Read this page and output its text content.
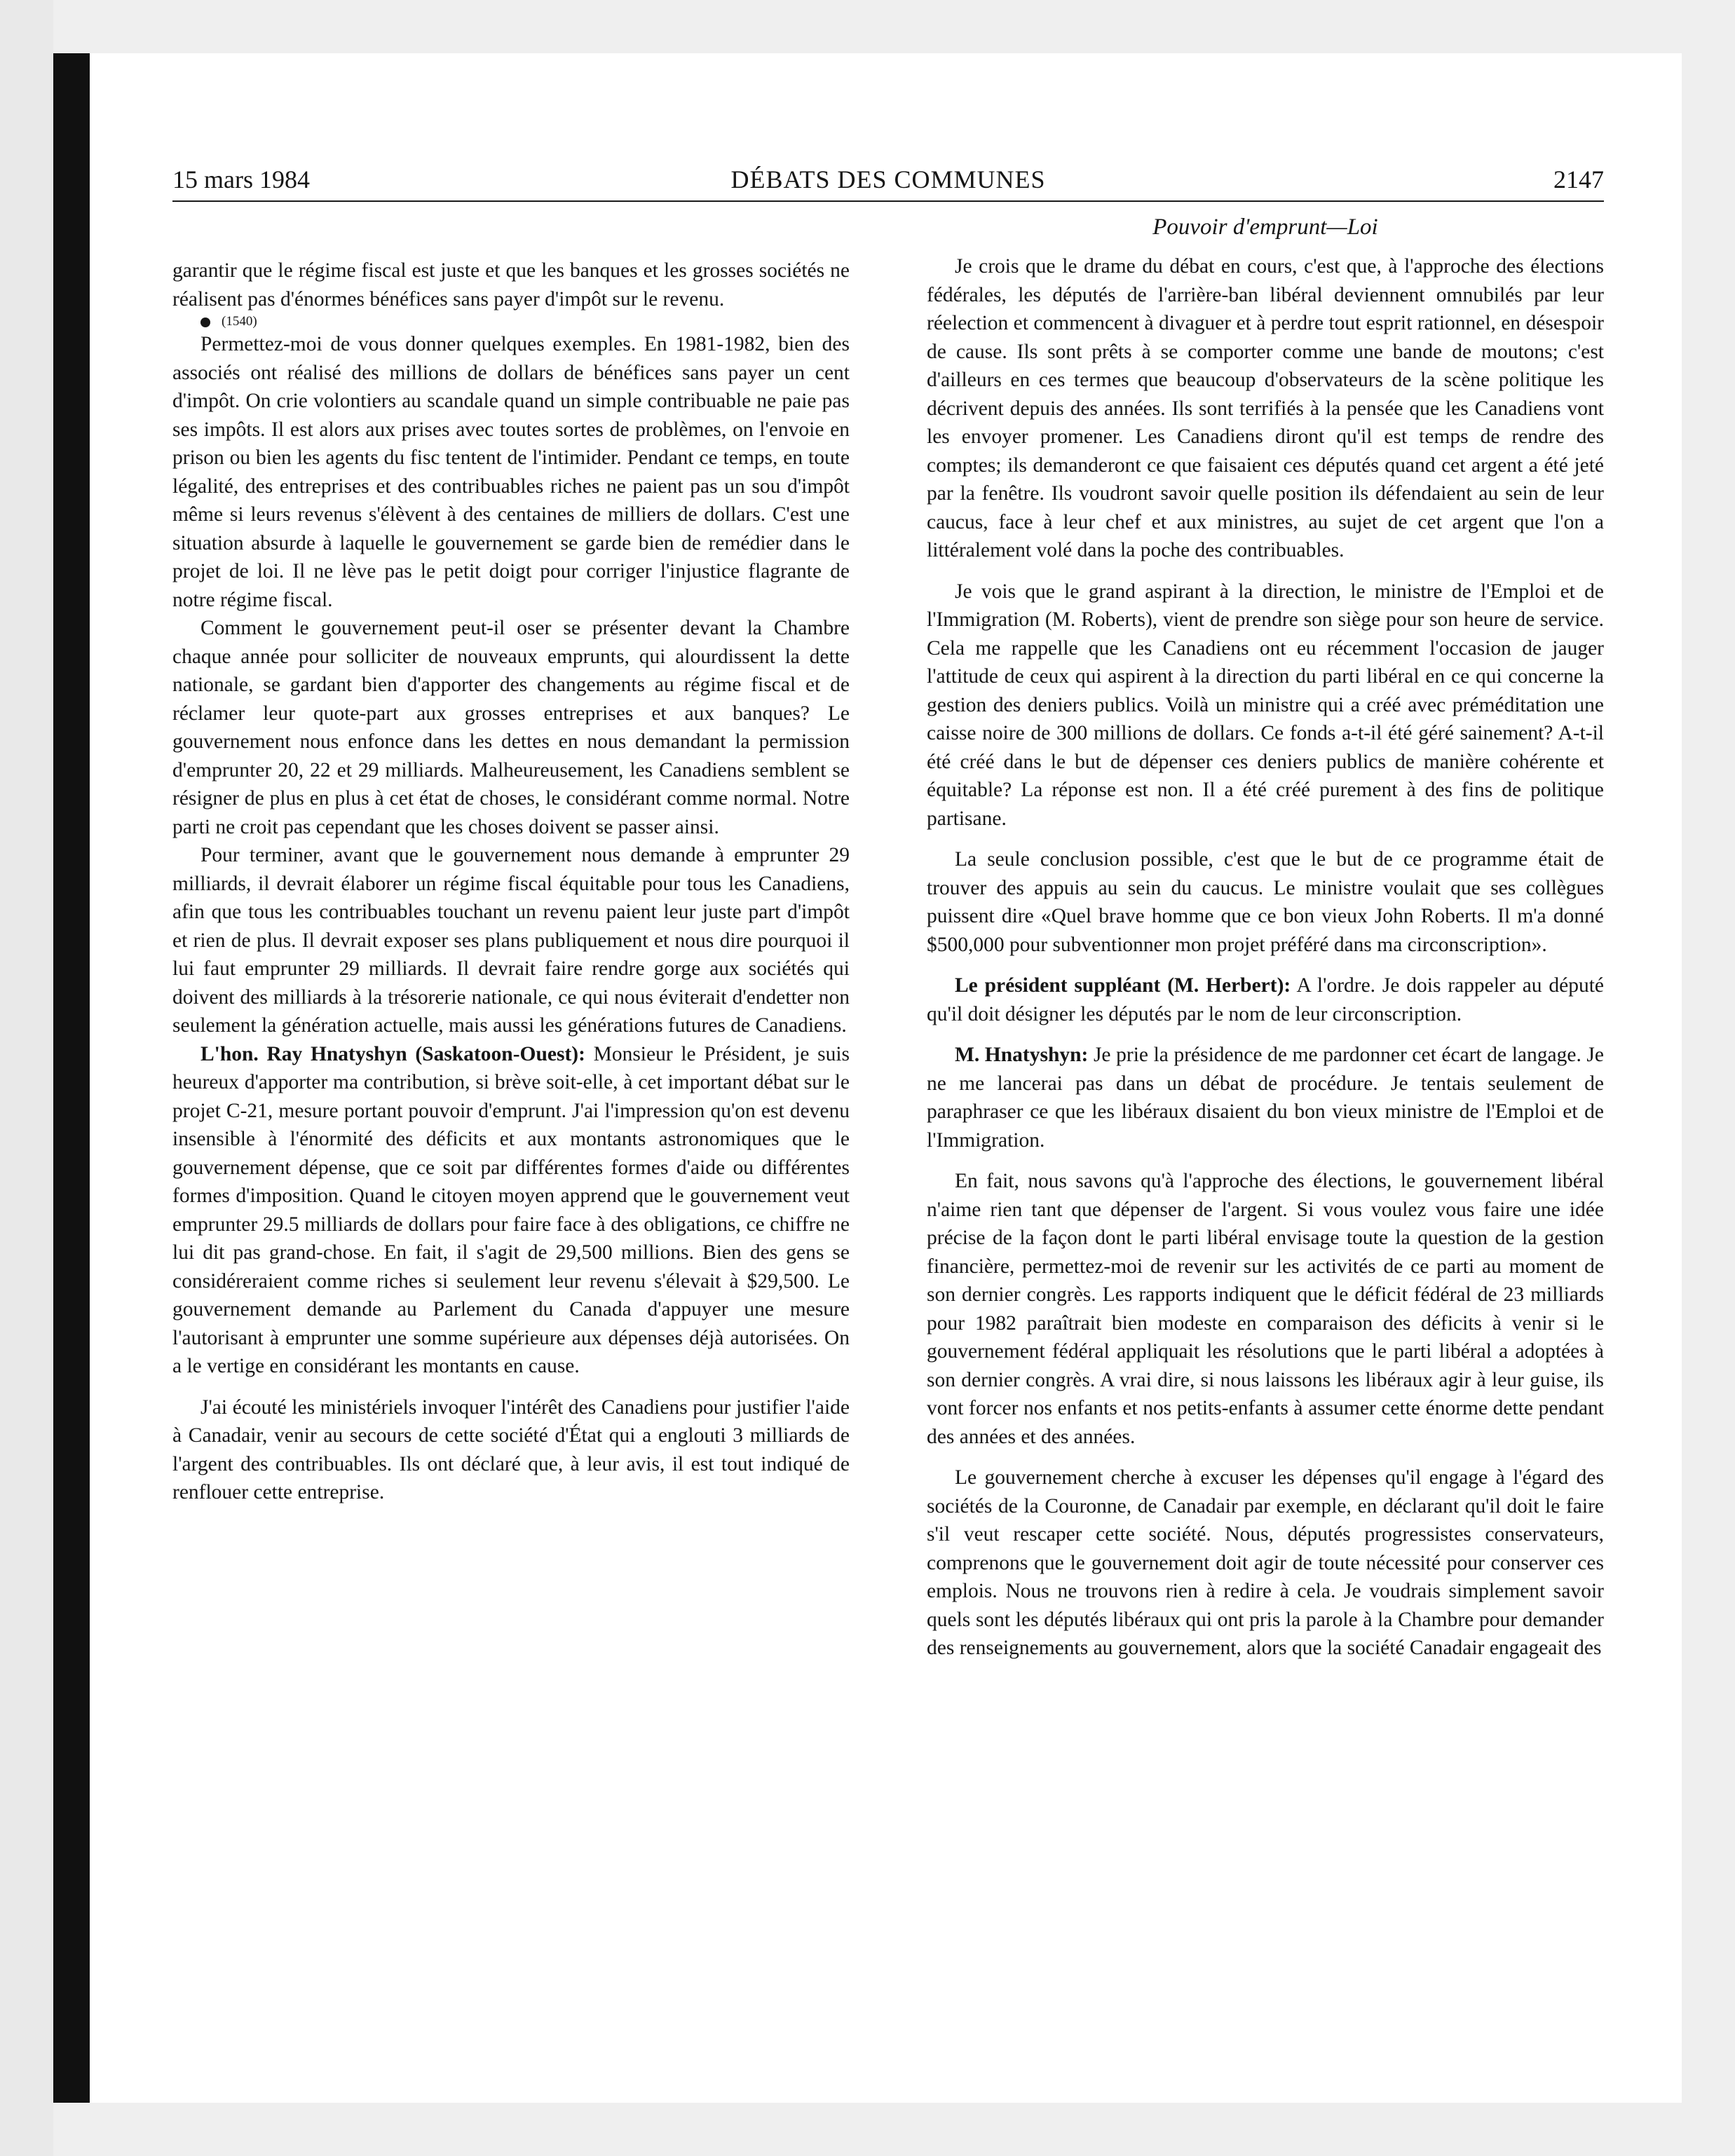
15 mars 1984	DÉBATS DES COMMUNES	2147
Pouvoir d'emprunt—Loi

garantir que le régime fiscal est juste et que les banques et les grosses sociétés ne réalisent pas d'énormes bénéfices sans payer d'impôt sur le revenu.

(1540)

Permettez-moi de vous donner quelques exemples. En 1981-1982, bien des associés ont réalisé des millions de dollars de bénéfices sans payer un cent d'impôt. On crie volontiers au scandale quand un simple contribuable ne paie pas ses impôts. Il est alors aux prises avec toutes sortes de problèmes, on l'envoie en prison ou bien les agents du fisc tentent de l'intimider. Pendant ce temps, en toute légalité, des entreprises et des contribuables riches ne paient pas un sou d'impôt même si leurs revenus s'élèvent à des centaines de milliers de dollars. C'est une situation absurde à laquelle le gouvernement se garde bien de remédier dans le projet de loi. Il ne lève pas le petit doigt pour corriger l'injustice flagrante de notre régime fiscal.

Comment le gouvernement peut-il oser se présenter devant la Chambre chaque année pour solliciter de nouveaux emprunts, qui alourdissent la dette nationale, se gardant bien d'apporter des changements au régime fiscal et de réclamer leur quote-part aux grosses entreprises et aux banques? Le gouvernement nous enfonce dans les dettes en nous demandant la permission d'emprunter 20, 22 et 29 milliards. Malheureusement, les Canadiens semblent se résigner de plus en plus à cet état de choses, le considérant comme normal. Notre parti ne croit pas cependant que les choses doivent se passer ainsi.

Pour terminer, avant que le gouvernement nous demande à emprunter 29 milliards, il devrait élaborer un régime fiscal équitable pour tous les Canadiens, afin que tous les contribuables touchant un revenu paient leur juste part d'impôt et rien de plus. Il devrait exposer ses plans publiquement et nous dire pourquoi il lui faut emprunter 29 milliards. Il devrait faire rendre gorge aux sociétés qui doivent des milliards à la trésorerie nationale, ce qui nous éviterait d'endetter non seulement la génération actuelle, mais aussi les générations futures de Canadiens.

L'hon. Ray Hnatyshyn (Saskatoon-Ouest): Monsieur le Président, je suis heureux d'apporter ma contribution, si brève soit-elle, à cet important débat sur le projet C-21, mesure portant pouvoir d'emprunt. J'ai l'impression qu'on est devenu insensible à l'énormité des déficits et aux montants astronomiques que le gouvernement dépense, que ce soit par différentes formes d'aide ou différentes formes d'imposition. Quand le citoyen moyen apprend que le gouvernement veut emprunter 29.5 milliards de dollars pour faire face à des obligations, ce chiffre ne lui dit pas grand-chose. En fait, il s'agit de 29,500 millions. Bien des gens se considéreraient comme riches si seulement leur revenu s'élevait à $29,500. Le gouvernement demande au Parlement du Canada d'appuyer une mesure l'autorisant à emprunter une somme supérieure aux dépenses déjà autorisées. On a le vertige en considérant les montants en cause.

J'ai écouté les ministériels invoquer l'intérêt des Canadiens pour justifier l'aide à Canadair, venir au secours de cette société d'État qui a englouti 3 milliards de l'argent des contribuables. Ils ont déclaré que, à leur avis, il est tout indiqué de renflouer cette entreprise.

Je crois que le drame du débat en cours, c'est que, à l'approche des élections fédérales, les députés de l'arrière-ban libéral deviennent omnubilés par leur réelection et commencent à divaguer et à perdre tout esprit rationnel, en désespoir de cause. Ils sont prêts à se comporter comme une bande de moutons; c'est d'ailleurs en ces termes que beaucoup d'observateurs de la scène politique les décrivent depuis des années. Ils sont terrifiés à la pensée que les Canadiens vont les envoyer promener. Les Canadiens diront qu'il est temps de rendre des comptes; ils demanderont ce que faisaient ces députés quand cet argent a été jeté par la fenêtre. Ils voudront savoir quelle position ils défendaient au sein de leur caucus, face à leur chef et aux ministres, au sujet de cet argent que l'on a littéralement volé dans la poche des contribuables.

Je vois que le grand aspirant à la direction, le ministre de l'Emploi et de l'Immigration (M. Roberts), vient de prendre son siège pour son heure de service. Cela me rappelle que les Canadiens ont eu récemment l'occasion de jauger l'attitude de ceux qui aspirent à la direction du parti libéral en ce qui concerne la gestion des deniers publics. Voilà un ministre qui a créé avec préméditation une caisse noire de 300 millions de dollars. Ce fonds a-t-il été géré sainement? A-t-il été créé dans le but de dépenser ces deniers publics de manière cohérente et équitable? La réponse est non. Il a été créé purement à des fins de politique partisane.

La seule conclusion possible, c'est que le but de ce programme était de trouver des appuis au sein du caucus. Le ministre voulait que ses collègues puissent dire «Quel brave homme que ce bon vieux John Roberts. Il m'a donné $500,000 pour subventionner mon projet préféré dans ma circonscription».

Le président suppléant (M. Herbert): A l'ordre. Je dois rappeler au député qu'il doit désigner les députés par le nom de leur circonscription.

M. Hnatyshyn: Je prie la présidence de me pardonner cet écart de langage. Je ne me lancerai pas dans un débat de procédure. Je tentais seulement de paraphraser ce que les libéraux disaient du bon vieux ministre de l'Emploi et de l'Immigration.

En fait, nous savons qu'à l'approche des élections, le gouvernement libéral n'aime rien tant que dépenser de l'argent. Si vous voulez vous faire une idée précise de la façon dont le parti libéral envisage toute la question de la gestion financière, permettez-moi de revenir sur les activités de ce parti au moment de son dernier congrès. Les rapports indiquent que le déficit fédéral de 23 milliards pour 1982 paraîtrait bien modeste en comparaison des déficits à venir si le gouvernement fédéral appliquait les résolutions que le parti libéral a adoptées à son dernier congrès. A vrai dire, si nous laissons les libéraux agir à leur guise, ils vont forcer nos enfants et nos petits-enfants à assumer cette énorme dette pendant des années et des années.

Le gouvernement cherche à excuser les dépenses qu'il engage à l'égard des sociétés de la Couronne, de Canadair par exemple, en déclarant qu'il doit le faire s'il veut rescaper cette société. Nous, députés progressistes conservateurs, comprenons que le gouvernement doit agir de toute nécessité pour conserver ces emplois. Nous ne trouvons rien à redire à cela. Je voudrais simplement savoir quels sont les députés libéraux qui ont pris la parole à la Chambre pour demander des renseignements au gouvernement, alors que la société Canadair engageait des
